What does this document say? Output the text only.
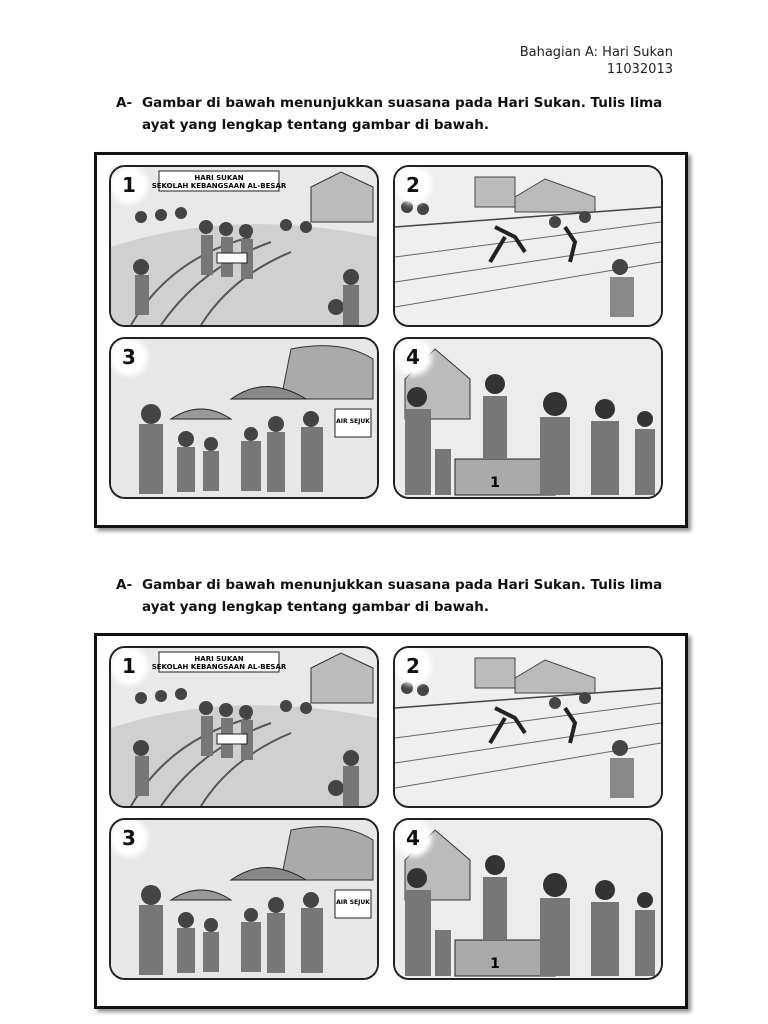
Bahagian A: Hari Sukan
11032013
A- Gambar di bawah menunjukkan suasana pada Hari Sukan. Tulis lima ayat yang lengkap tentang gambar di bawah.
HARI SUKAN
SEKOLAH KEBANGSAAN AL-BESAR
1	2
AIR SEJUK
3
1
4
A- Gambar di bawah menunjukkan suasana pada Hari Sukan. Tulis lima ayat yang lengkap tentang gambar di bawah.
HARI SUKAN
SEKOLAH KEBANGSAAN AL-BESAR
1	2
AIR SEJUK
3
1
4
